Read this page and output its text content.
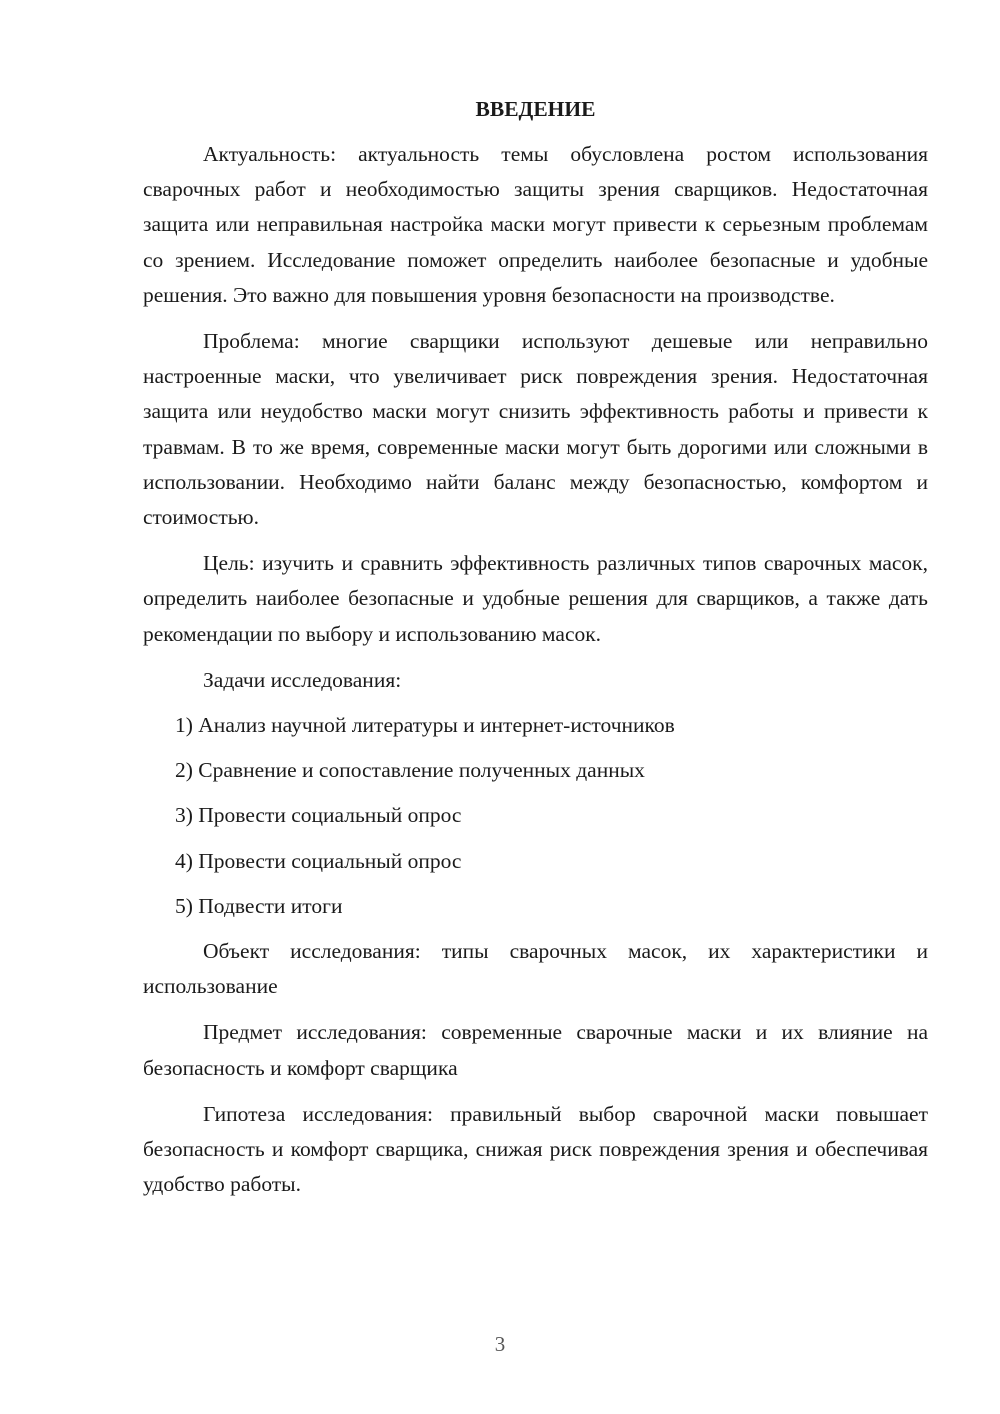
ВВЕДЕНИЕ

Актуальность: актуальность темы обусловлена ростом использования сварочных работ и необходимостью защиты зрения сварщиков. Недостаточная защита или неправильная настройка маски могут привести к серьезным проблемам со зрением. Исследование поможет определить наиболее безопасные и удобные решения. Это важно для повышения уровня безопасности на производстве.

Проблема: многие сварщики используют дешевые или неправильно настроенные маски, что увеличивает риск повреждения зрения. Недостаточная защита или неудобство маски могут снизить эффективность работы и привести к травмам. В то же время, современные маски могут быть дорогими или сложными в использовании. Необходимо найти баланс между безопасностью, комфортом и стоимостью.

Цель: изучить и сравнить эффективность различных типов сварочных масок, определить наиболее безопасные и удобные решения для сварщиков, а также дать рекомендации по выбору и использованию масок.

Задачи исследования:

1) Анализ научной литературы и интернет-источников
2) Сравнение и сопоставление полученных данных
3) Провести социальный опрос
4) Провести социальный опрос
5) Подвести итоги

Объект исследования: типы сварочных масок, их характеристики и использование

Предмет исследования: современные сварочные маски и их влияние на безопасность и комфорт сварщика

Гипотеза исследования: правильный выбор сварочной маски повышает безопасность и комфорт сварщика, снижая риск повреждения зрения и обеспечивая удобство работы.

3
